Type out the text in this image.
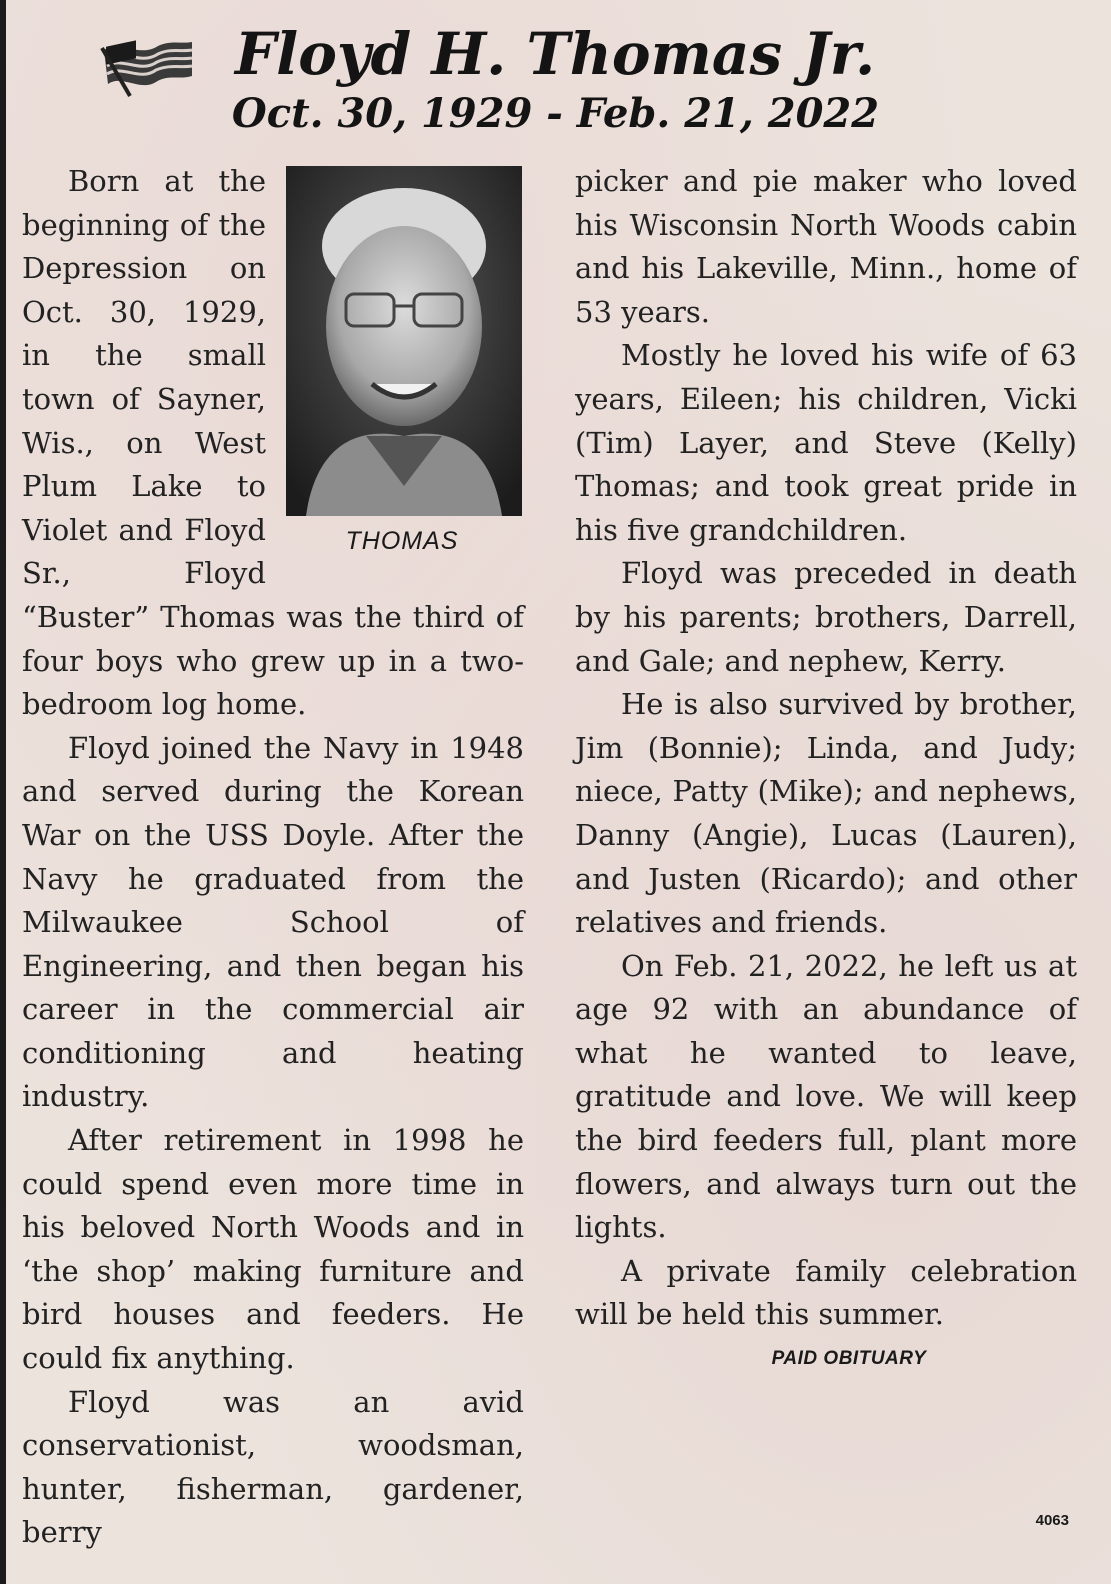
Floyd H. Thomas Jr.
Oct. 30, 1929 - Feb. 21, 2022
THOMAS

Born at the beginning of the Depression on Oct. 30, 1929, in the small town of Sayner, Wis., on West Plum Lake to Violet and Floyd Sr., Floyd “Buster” Thomas was the third of four boys who grew up in a two-bedroom log home.

Floyd joined the Navy in 1948 and served during the Korean War on the USS Doyle. After the Navy he graduated from the Milwaukee School of Engineering, and then began his career in the commercial air conditioning and heating industry.

After retirement in 1998 he could spend even more time in his beloved North Woods and in ‘the shop’ making furniture and bird houses and feeders. He could fix anything.

Floyd was an avid conservationist, woodsman, hunter, fisherman, gardener, berry

picker and pie maker who loved his Wisconsin North Woods cabin and his Lakeville, Minn., home of 53 years.

Mostly he loved his wife of 63 years, Eileen; his children, Vicki (Tim) Layer, and Steve (Kelly) Thomas; and took great pride in his five grandchildren.

Floyd was preceded in death by his parents; brothers, Darrell, and Gale; and nephew, Kerry.

He is also survived by brother, Jim (Bonnie); Linda, and Judy; niece, Patty (Mike); and nephews, Danny (Angie), Lucas (Lauren), and Justen (Ricardo); and other relatives and friends.

On Feb. 21, 2022, he left us at age 92 with an abundance of what he wanted to leave, gratitude and love. We will keep the bird feeders full, plant more flowers, and always turn out the lights.

A private family celebration will be held this summer.

PAID OBITUARY

4063
